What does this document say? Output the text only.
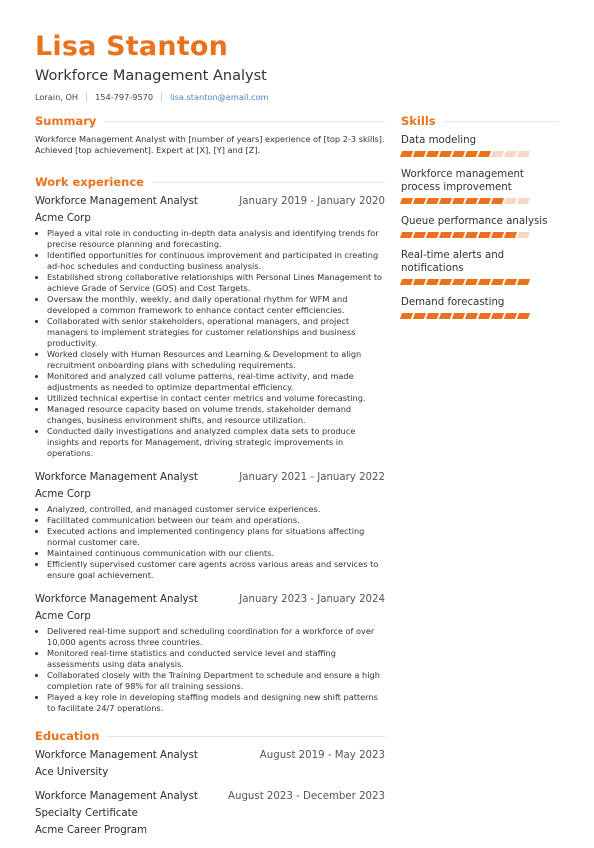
Lisa Stanton
Workforce Management Analyst
Lorain, OH 154-797-9570 lisa.stanton@email.com
Summary

Workforce Management Analyst with [number of years] experience of [top 2-3 skills]. Achieved [top achievement]. Expert at [X], [Y] and [Z].

Work experience
Workforce Management Analyst	January 2019 - January 2020
Acme Corp
• Played a vital role in conducting in-depth data analysis and identifying trends for precise resource planning and forecasting.
• Identified opportunities for continuous improvement and participated in creating ad-hoc schedules and conducting business analysis.
• Established strong collaborative relationships with Personal Lines Management to achieve Grade of Service (GOS) and Cost Targets.
• Oversaw the monthly, weekly, and daily operational rhythm for WFM and developed a common framework to enhance contact center efficiencies.
• Collaborated with senior stakeholders, operational managers, and project managers to implement strategies for customer relationships and business productivity.
• Worked closely with Human Resources and Learning & Development to align recruitment onboarding plans with scheduling requirements.
• Monitored and analyzed call volume patterns, real-time activity, and made adjustments as needed to optimize departmental efficiency.
• Utilized technical expertise in contact center metrics and volume forecasting.
• Managed resource capacity based on volume trends, stakeholder demand changes, business environment shifts, and resource utilization.
• Conducted daily investigations and analyzed complex data sets to produce insights and reports for Management, driving strategic improvements in operations.
Workforce Management Analyst	January 2021 - January 2022
Acme Corp
• Analyzed, controlled, and managed customer service experiences.
• Facilitated communication between our team and operations.
• Executed actions and implemented contingency plans for situations affecting normal customer care.
• Maintained continuous communication with our clients.
• Efficiently supervised customer care agents across various areas and services to ensure goal achievement.
Workforce Management Analyst	January 2023 - January 2024
Acme Corp
• Delivered real-time support and scheduling coordination for a workforce of over 10,000 agents across three countries.
• Monitored real-time statistics and conducted service level and staffing assessments using data analysis.
• Collaborated closely with the Training Department to schedule and ensure a high completion rate of 98% for all training sessions.
• Played a key role in developing staffing models and designing new shift patterns to facilitate 24/7 operations.
Education
Workforce Management Analyst	August 2019 - May 2023
Ace University
Workforce Management Analyst	August 2023 - December 2023
Specialty Certificate
Acme Career Program
Skills
Data modeling
Workforce management process improvement
Queue performance analysis
Real-time alerts and notifications
Demand forecasting
